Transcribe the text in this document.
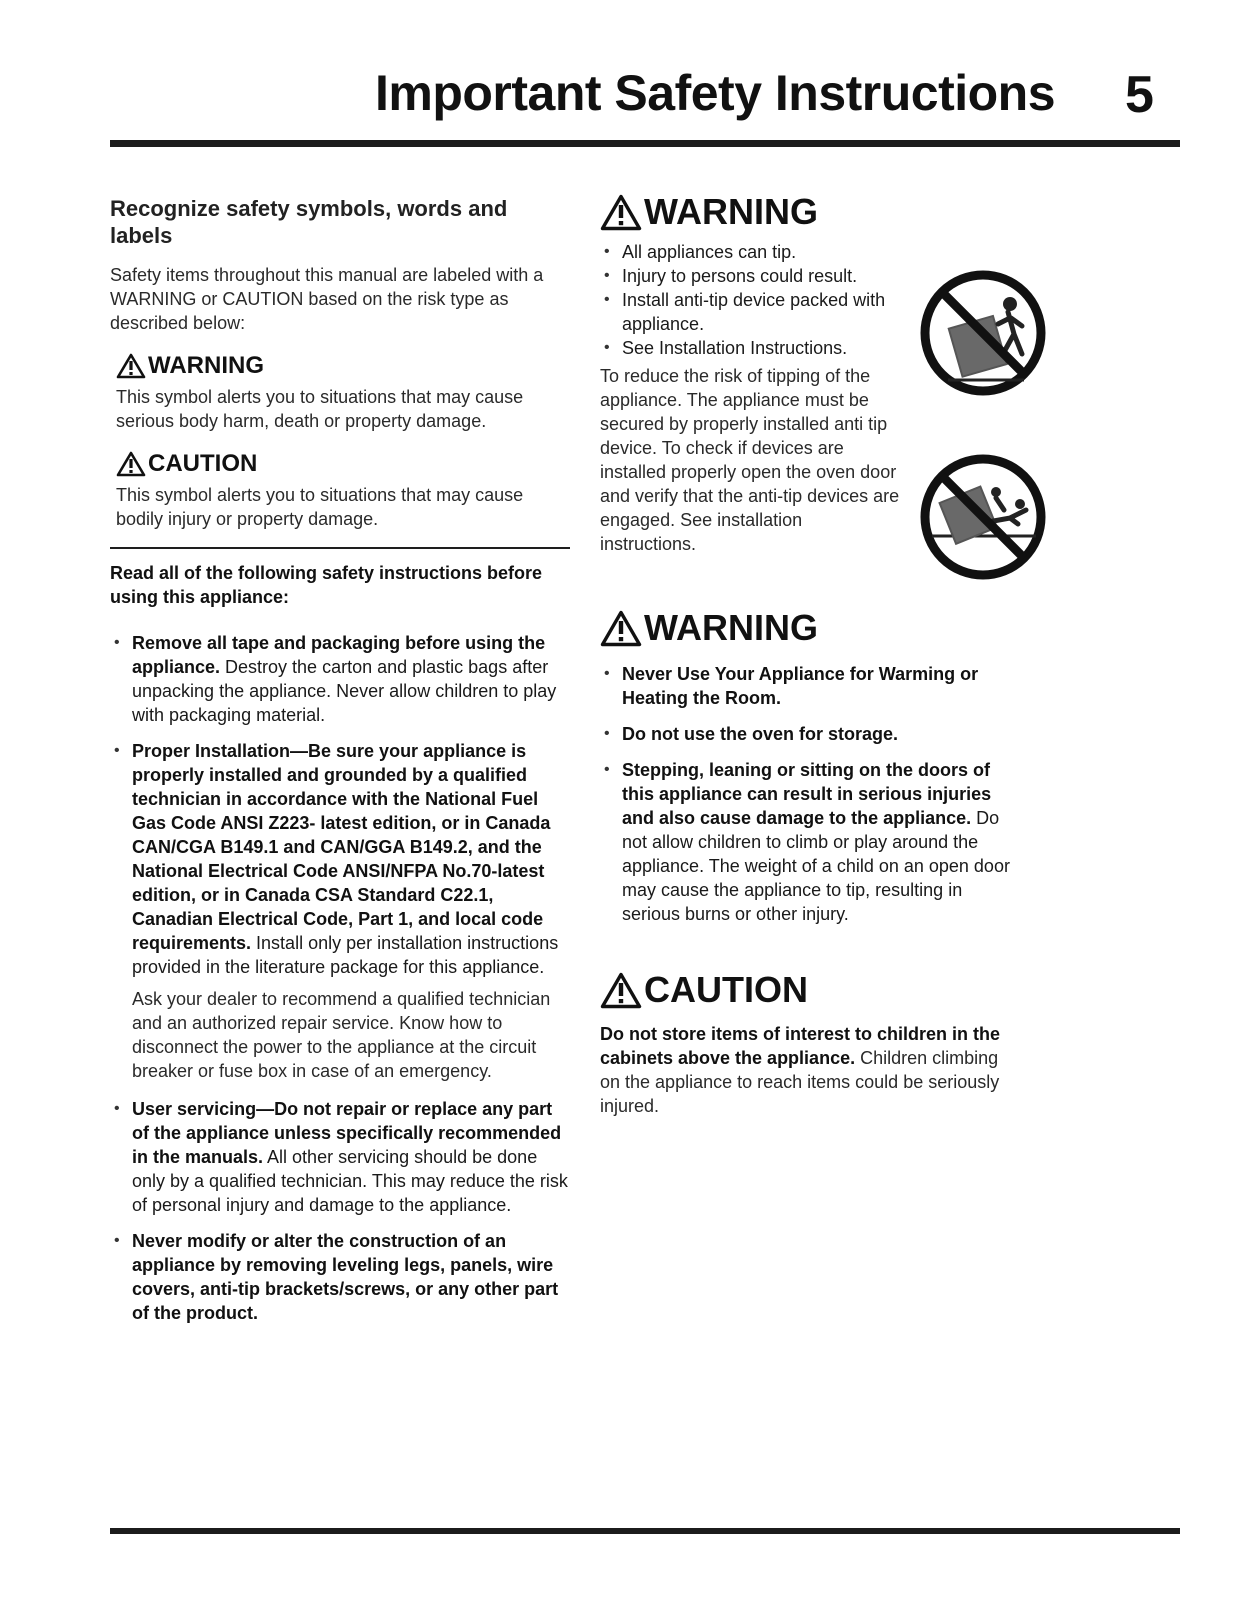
Important Safety Instructions 5
Recognize safety symbols, words and labels

Safety items throughout this manual are labeled with a WARNING or CAUTION based on the risk type as described below:

WARNING

This symbol alerts you to situations that may cause serious body harm, death or property damage.

CAUTION

This symbol alerts you to situations that may cause bodily injury or property damage.

Read all of the following safety instructions before using this appliance:

• Remove all tape and packaging before using the appliance. Destroy the carton and plastic bags after unpacking the appliance. Never allow children to play with packaging material.
• Proper Installation—Be sure your appliance is properly installed and grounded by a qualified technician in accordance with the National Fuel Gas Code ANSI Z223- latest edition, or in Canada CAN/CGA B149.1 and CAN/GGA B149.2, and the National Electrical Code ANSI/NFPA No.70-latest edition, or in Canada CSA Standard C22.1, Canadian Electrical Code, Part 1, and local code requirements. Install only per installation instructions provided in the literature package for this appliance.

Ask your dealer to recommend a qualified technician and an authorized repair service. Know how to disconnect the power to the appliance at the circuit breaker or fuse box in case of an emergency.

• User servicing—Do not repair or replace any part of the appliance unless specifically recommended in the manuals. All other servicing should be done only by a qualified technician. This may reduce the risk of personal injury and damage to the appliance.
• Never modify or alter the construction of an appliance by removing leveling legs, panels, wire covers, anti-tip brackets/screws, or any other part of the product.
WARNING
• All appliances can tip.
• Injury to persons could result.
• Install anti-tip device packed with appliance.
• See Installation Instructions.

To reduce the risk of tipping of the appliance. The appliance must be secured by properly installed anti tip device. To check if devices are installed properly open the oven door and verify that the anti-tip devices are engaged. See installation instructions.

WARNING
• Never Use Your Appliance for Warming or Heating the Room.
• Do not use the oven for storage.
• Stepping, leaning or sitting on the doors of this appliance can result in serious injuries and also cause damage to the appliance. Do not allow children to climb or play around the appliance. The weight of a child on an open door may cause the appliance to tip, resulting in serious burns or other injury.
CAUTION

Do not store items of interest to children in the cabinets above the appliance. Children climbing on the appliance to reach items could be seriously injured.
